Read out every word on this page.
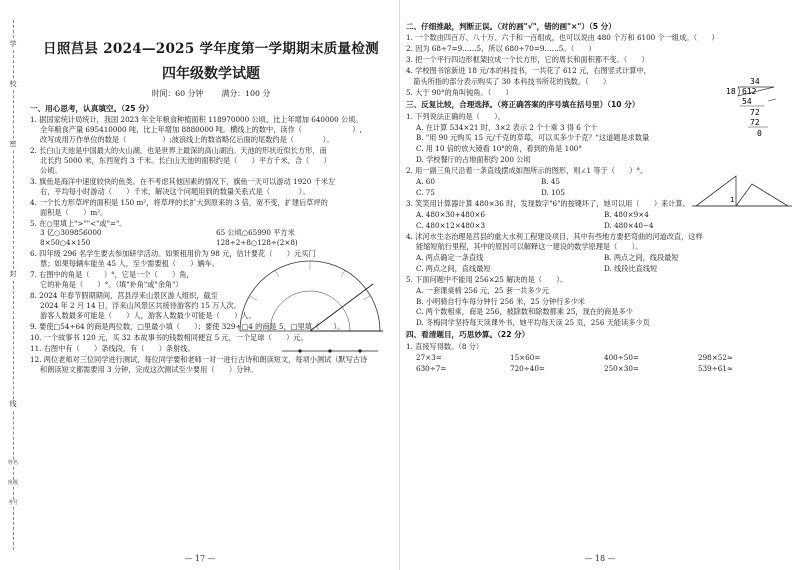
学
校
密
封
线
姓名
班级
考号
日照莒县 2024—2025 学年度第一学期期末质量检测
四年级数学试题
时间：60 分钟 满分：100 分
一、用心思考，认真填空。（25 分）
1. 据国家统计局统计，我国 2023 年全年粮食种植面积 118970000 公顷，比上年增加 640000 公顷。
全年粮食产量 695410000 吨，比上年增加 8880000 吨。横线上的数中，读作（　　　　　　　）,
改写成用万作单位的数是（　　　　　）;波浪线上的数省略亿后面的尾数约是（　　　　）。
2. 长白山天池是中国最大的火山湖，也是世界上最深的高山湖泊。天池的形状近似长方形，南
北长约 5000 米，东西宽约 3 千米。长白山天池的面积约是（　　）平方千米，合（　　）
公顷。
3. 旗鱼是海洋中速度较快的鱼类。在不考虑其他因素的情况下，旗鱼一天可以游动 1920 千米左
右，平均每小时游动（　　）千米，解决这个问题用到的数量关系式是（　　　　）。
4. 一个长方形草坪的面积是 150 m²，将草坪的长扩大到原来的 3 倍，宽不变，扩建后草坪的
面积是（　　）m²。
5. 在○里填上">""<"或"="。
3 亿○309856000	65 公顷○65990 平方米
8×50○4×150	128÷2÷8○128÷(2×8)
6. 四年级 296 名学生要去参加研学活动。如果租用价为 98 元，估计要花（　　）元买门
票；如果每辆车能坐 45 人，至少需要租（　　）辆车。
7. 右图中的角是（　　）°，它是一个（　　）角，
它的补角是（　　）°。（填"补角"或"余角"）
8. 2024 年春节假期期间，莒县浮来山景区游人组织，截至
2024 年 2 月 14 日，浮来山风景区共接待游客约 15 万人次。
游客人数最多可能是（　　）人，游客人数最少可能是（　　）人。
9. 要使□54÷64 的商是两位数，□里最小填（　　）；要使 329÷□4 的商是 5，□里填（　　）。
10. 一个故事书 120 元，买 32 本故事书的钱数相同便宜 5 元，一个足球（　　）元。
11. 右图中有（　　）条线段，有（　　）条射线。
12. 两位老师对三位同学进行测试，每位同学要和老师一对一进行古诗和朗读短文，每项小测试（默写古诗
和朗读短文都需要用 3 分钟，完成这次测试至少要用（　　）分钟。
— 17 —
二、仔细推敲，判断正误。（对的画"√"，错的画"×"）（5 分）
1. 一个数由四百万、八十万、六千和一百组成，也可以说由 480 个万和 6100 个一组成。（　　）
2. 因为 68÷7=9……5，所以 680÷70=9……5。（　　）
3. 把一个平行四边形框架拉成一个长方形，它的周长和面积都不变。（　　）
4. 学校图书馆新进 18 元/本的科技书，一共花了 612 元，右图竖式计算中，
　箭头所指的部分表示购买了 30 本科技书所花的钱数。（　　）
5. 大于 90°的角叫钝角。（　　）
34
18 612
54
72
72
0
三、反复比较，合理选择。（将正确答案的序号填在括号里）（10 分）
1. 下列说法正确的是（　　）。
A. 在计算 534×21 时，3×2 表示 2 个十乘 3 得 6 个十
B. "用 90 元购买 15 元/千克的草莓，可以买多少千克？"这道题是求数量
C. 用 10 倍的放大镜看 10°的角，看到的角是 100°
D. 学校餐厅的占地面积约 200 公顷
2. 用一副三角尺沿着一条直线摆成如图所示的图形，则∠1 等于（　　）°。
A. 60	B. 45
C. 75	D. 105
1
3. 笑笑用计算器计算 480×36 时，发现数字"6"的按键坏了，她可以用（　　）来计算。
A. 480×30+480×6	B. 480×9×4
C. 480×12×480×3	D. 480×40−4
4. 沭河水生态治理是莒县的重大水利工程建设项目，其中有些地方要把弯曲的河道改直，这样
能缩短航行里程，其中的原因可以解释这一建设的数学原理是（　　）。
A. 两点确定一条直线	B. 两点之间，线段最短
C. 两点之间，直线最短	D. 线段比直线短
5. 下面问题中不能用 256×25 解决的是（　　）。
A. 一套课桌椅 256 元，25 套一共多少元
B. 小明骑自行车每分钟行 256 米，25 分钟行多少米
C. 两个数相乘，商是 256，被除数和除数都乘 25，现在的商是多少
D. 冬梅同学坚持每天读课外书，她平均每天读 25 页，256 天能读多少页
四、看清题目，巧思妙算。（22 分）
1. 直接写得数。（8 分）
27×3=	15×60=	400÷50=	298×52≈
630÷7=	720÷40=	250×30=	539÷61≈
— 18 —
